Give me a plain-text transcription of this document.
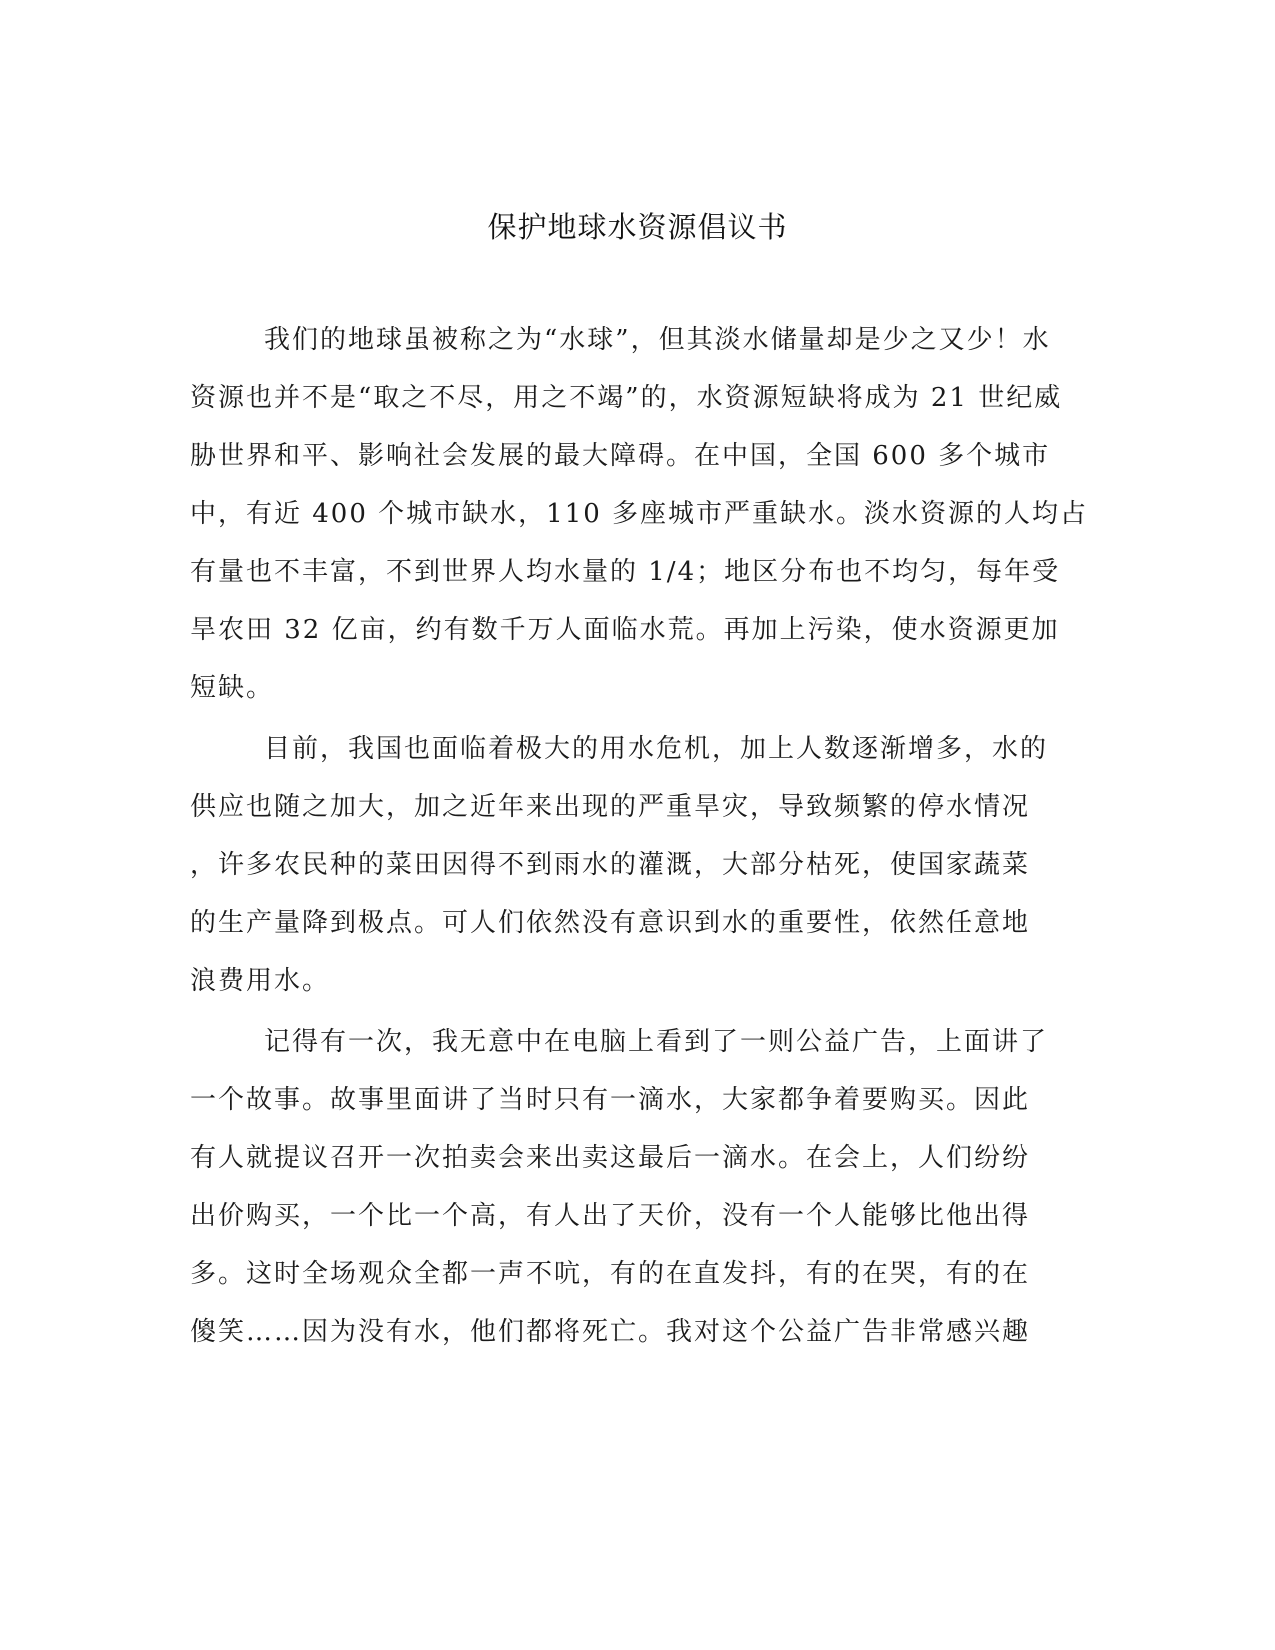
保护地球水资源倡议书

我们的地球虽被称之为“水球”，但其淡水储量却是少之又少！水

资源也并不是“取之不尽，用之不竭”的，水资源短缺将成为 21 世纪威

胁世界和平、影响社会发展的最大障碍。在中国，全国 600 多个城市

中，有近 400 个城市缺水，110 多座城市严重缺水。淡水资源的人均占

有量也不丰富，不到世界人均水量的 1/4；地区分布也不均匀，每年受

旱农田 32 亿亩，约有数千万人面临水荒。再加上污染，使水资源更加

短缺。

目前，我国也面临着极大的用水危机，加上人数逐渐增多，水的

供应也随之加大，加之近年来出现的严重旱灾，导致频繁的停水情况

，许多农民种的菜田因得不到雨水的灌溉，大部分枯死，使国家蔬菜

的生产量降到极点。可人们依然没有意识到水的重要性，依然任意地

浪费用水。

记得有一次，我无意中在电脑上看到了一则公益广告，上面讲了

一个故事。故事里面讲了当时只有一滴水，大家都争着要购买。因此

有人就提议召开一次拍卖会来出卖这最后一滴水。在会上，人们纷纷

出价购买，一个比一个高，有人出了天价，没有一个人能够比他出得

多。这时全场观众全都一声不吭，有的在直发抖，有的在哭，有的在

傻笑……因为没有水，他们都将死亡。我对这个公益广告非常感兴趣
